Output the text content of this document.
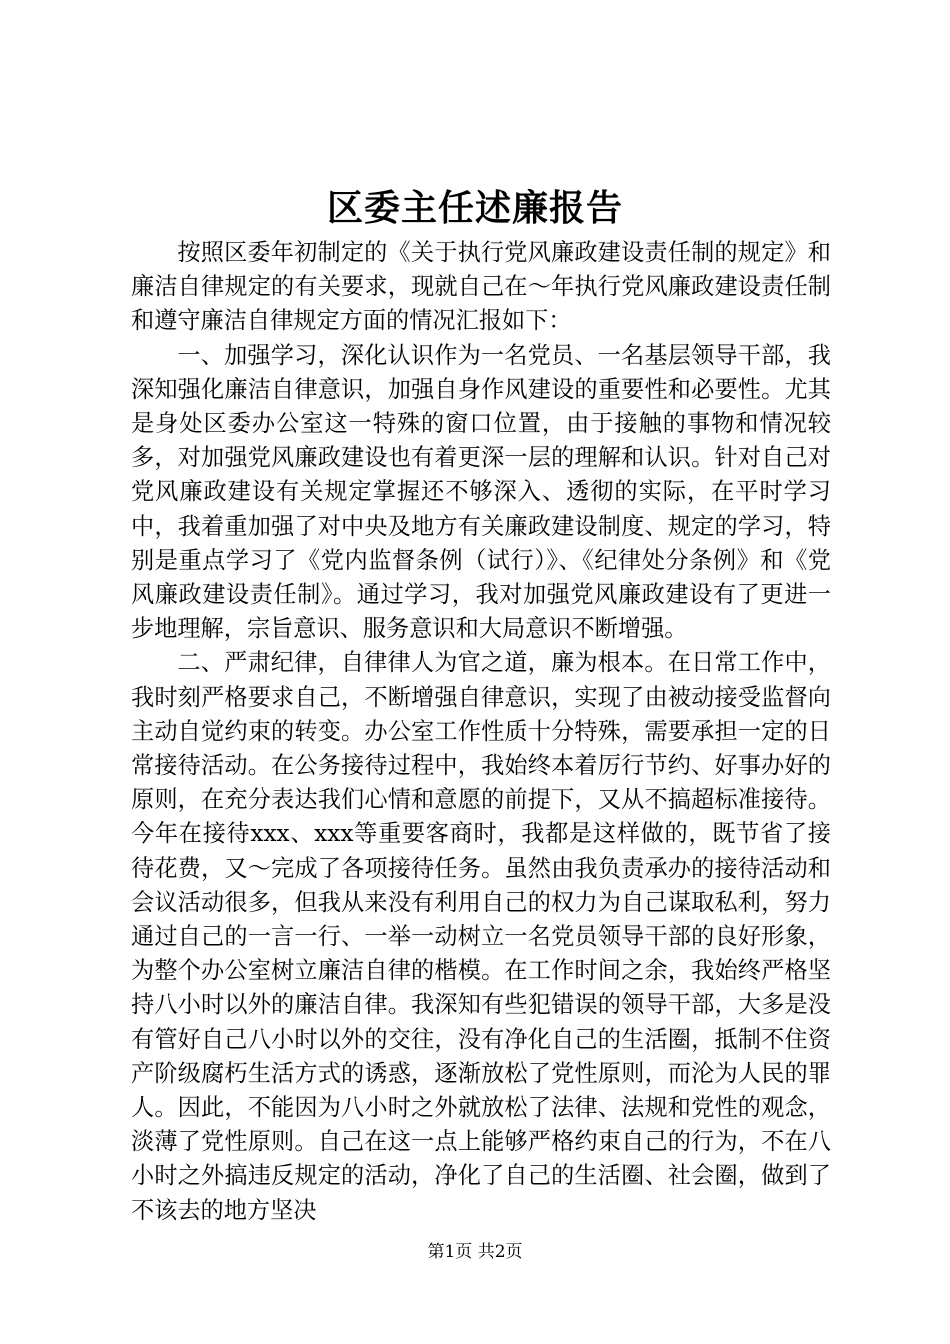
区委主任述廉报告

按照区委年初制定的《关于执行党风廉政建设责任制的规定》和廉洁自律规定的有关要求，现就自己在～年执行党风廉政建设责任制和遵守廉洁自律规定方面的情况汇报如下：

一、加强学习，深化认识作为一名党员、一名基层领导干部，我深知强化廉洁自律意识，加强自身作风建设的重要性和必要性。尤其是身处区委办公室这一特殊的窗口位置，由于接触的事物和情况较多，对加强党风廉政建设也有着更深一层的理解和认识。针对自己对党风廉政建设有关规定掌握还不够深入、透彻的实际，在平时学习中，我着重加强了对中央及地方有关廉政建设制度、规定的学习，特别是重点学习了《党内监督条例（试行）》、《纪律处分条例》和《党风廉政建设责任制》。通过学习，我对加强党风廉政建设有了更进一步地理解，宗旨意识、服务意识和大局意识不断增强。

二、严肃纪律，自律律人为官之道，廉为根本。在日常工作中，我时刻严格要求自己，不断增强自律意识，实现了由被动接受监督向主动自觉约束的转变。办公室工作性质十分特殊，需要承担一定的日常接待活动。在公务接待过程中，我始终本着厉行节约、好事办好的原则，在充分表达我们心情和意愿的前提下，又从不搞超标准接待。今年在接待xxx、xxx等重要客商时，我都是这样做的，既节省了接待花费，又～完成了各项接待任务。虽然由我负责承办的接待活动和会议活动很多，但我从来没有利用自己的权力为自己谋取私利，努力通过自己的一言一行、一举一动树立一名党员领导干部的良好形象，为整个办公室树立廉洁自律的楷模。在工作时间之余，我始终严格坚持八小时以外的廉洁自律。我深知有些犯错误的领导干部，大多是没有管好自己八小时以外的交往，没有净化自己的生活圈，抵制不住资产阶级腐朽生活方式的诱惑，逐渐放松了党性原则，而沦为人民的罪人。因此，不能因为八小时之外就放松了法律、法规和党性的观念，淡薄了党性原则。自己在这一点上能够严格约束自己的行为，不在八小时之外搞违反规定的活动，净化了自己的生活圈、社会圈，做到了不该去的地方坚决

第1页 共2页
